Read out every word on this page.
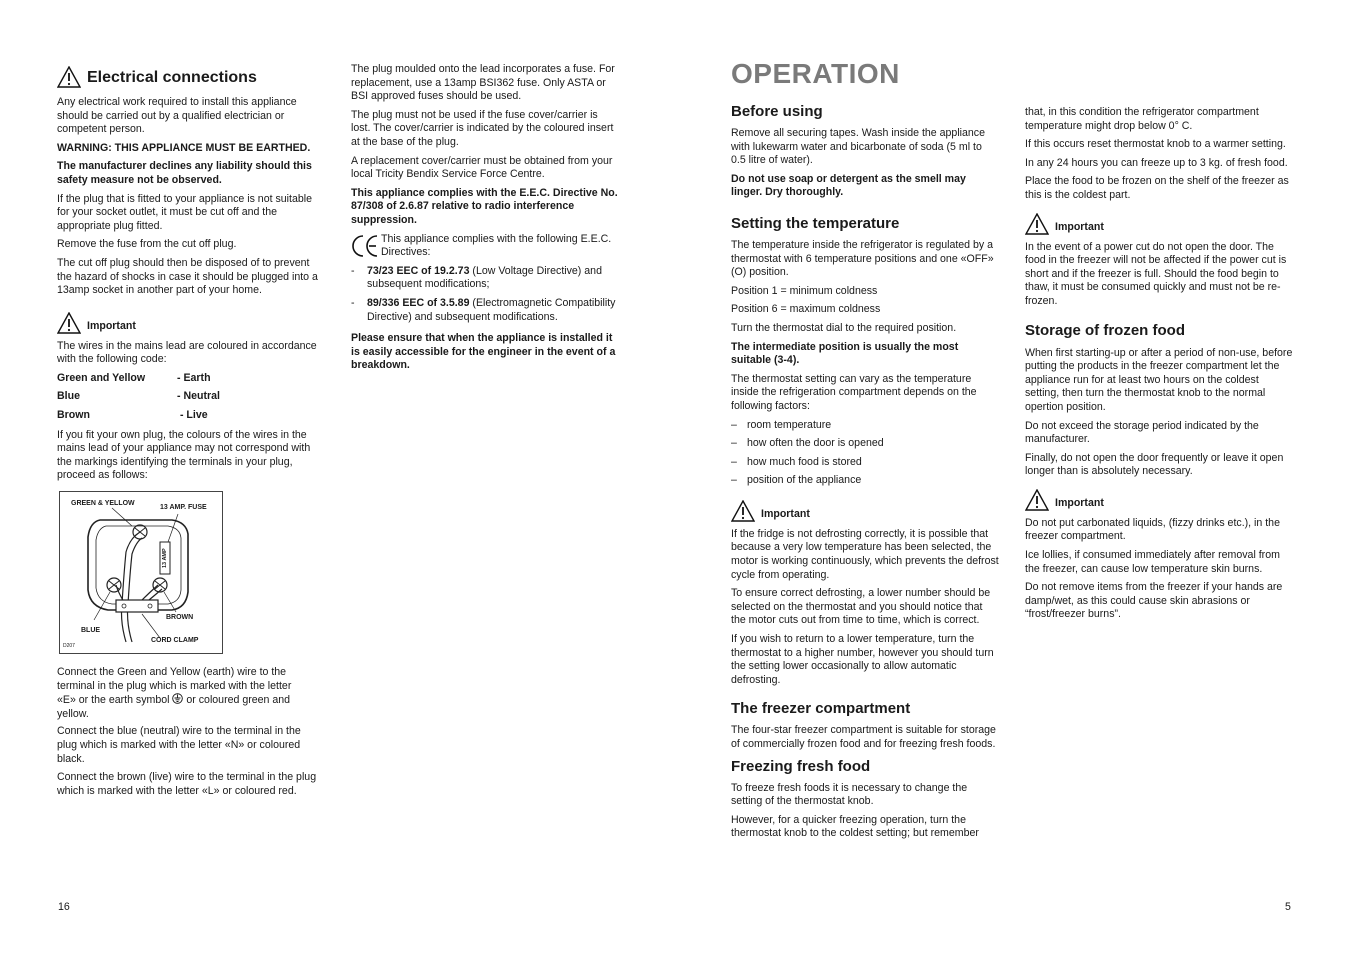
Electrical connections

Any electrical work required to install this appliance should be carried out by a qualified electrician or competent person.

WARNING: THIS APPLIANCE MUST BE EARTHED.

The manufacturer declines any liability should this safety measure not be observed.

If the plug that is fitted to your appliance is not suitable for your socket outlet, it must be cut off and the appropriate plug fitted.

Remove the fuse from the cut off plug.

The cut off plug should then be disposed of to prevent the hazard of shocks in case it should be plugged into a 13amp socket in another part of your home.

Important

The wires in the mains lead are coloured in accordance with the following code:

Green and Yellow	- Earth
Blue	- Neutral
Brown	- Live

If you fit your own plug, the colours of the wires in the mains lead of your appliance may not correspond with the markings identifying the terminals in your plug, proceed as follows:

GREEN & YELLOW
13 AMP. FUSE
13 AMP
BROWN
BLUE
CORD CLAMP
D207

Connect the Green and Yellow (earth) wire to the terminal in the plug which is marked with the letter
«E» or the earth symbol or coloured green and yellow.

Connect the blue (neutral) wire to the terminal in the plug which is marked with the letter «N» or coloured black.

Connect the brown (live) wire to the terminal in the plug which is marked with the letter «L» or coloured red.

The plug moulded onto the lead incorporates a fuse. For replacement, use a 13amp BSI362 fuse. Only ASTA or BSI approved fuses should be used.

The plug must not be used if the fuse cover/carrier is lost. The cover/carrier is indicated by the coloured insert at the base of the plug.

A replacement cover/carrier must be obtained from your local Tricity Bendix Service Force Centre.

This appliance complies with the E.E.C. Directive No. 87/308 of 2.6.87 relative to radio interference suppression.

This appliance complies with the following E.E.C. Directives:
- 73/23 EEC of 19.2.73 (Low Voltage Directive) and subsequent modifications;
- 89/336 EEC of 3.5.89 (Electromagnetic Compatibility Directive) and subsequent modifications.

Please ensure that when the appliance is installed it is easily accessible for the engineer in the event of a breakdown.

16
OPERATION
Before using

Remove all securing tapes. Wash inside the appliance with lukewarm water and bicarbonate of soda (5 ml to 0.5 litre of water).

Do not use soap or detergent as the smell may linger. Dry thoroughly.

Setting the temperature

The temperature inside the refrigerator is regulated by a thermostat with 6 temperature positions and one «OFF» (O) position.

Position 1 = minimum coldness

Position 6 = maximum coldness

Turn the thermostat dial to the required position.

The intermediate position is usually the most suitable (3-4).

The thermostat setting can vary as the temperature inside the refrigeration compartment depends on the following factors:

– room temperature
– how often the door is opened
– how much food is stored
– position of the appliance
Important

If the fridge is not defrosting correctly, it is possible that because a very low temperature has been selected, the motor is working continuously, which prevents the defrost cycle from operating.

To ensure correct defrosting, a lower number should be selected on the thermostat and you should notice that the motor cuts out from time to time, which is correct.

If you wish to return to a lower temperature, turn the thermostat to a higher number, however you should turn the setting lower occasionally to allow automatic defrosting.

The freezer compartment

The four-star freezer compartment is suitable for storage of commercially frozen food and for freezing fresh foods.

Freezing fresh food

To freeze fresh foods it is necessary to change the setting of the thermostat knob.

However, for a quicker freezing operation, turn the thermostat knob to the coldest setting; but remember

that, in this condition the refrigerator compartment temperature might drop below 0° C.

If this occurs reset thermostat knob to a warmer setting.

In any 24 hours you can freeze up to 3 kg. of fresh food.

Place the food to be frozen on the shelf of the freezer as this is the coldest part.

Important

In the event of a power cut do not open the door. The food in the freezer will not be affected if the power cut is short and if the freezer is full. Should the food begin to thaw, it must be consumed quickly and must not be re-frozen.

Storage of frozen food

When first starting-up or after a period of non-use, before putting the products in the freezer compartment let the appliance run for at least two hours on the coldest setting, then turn the thermostat knob to the normal opertion position.

Do not exceed the storage period indicated by the manufacturer.

Finally, do not open the door frequently or leave it open longer than is absolutely necessary.

Important

Do not put carbonated liquids, (fizzy drinks etc.), in the freezer compartment.

Ice lollies, if consumed immediately after removal from the freezer, can cause low temperature skin burns.

Do not remove items from the freezer if your hands are damp/wet, as this could cause skin abrasions or “frost/freezer burns”.

5
